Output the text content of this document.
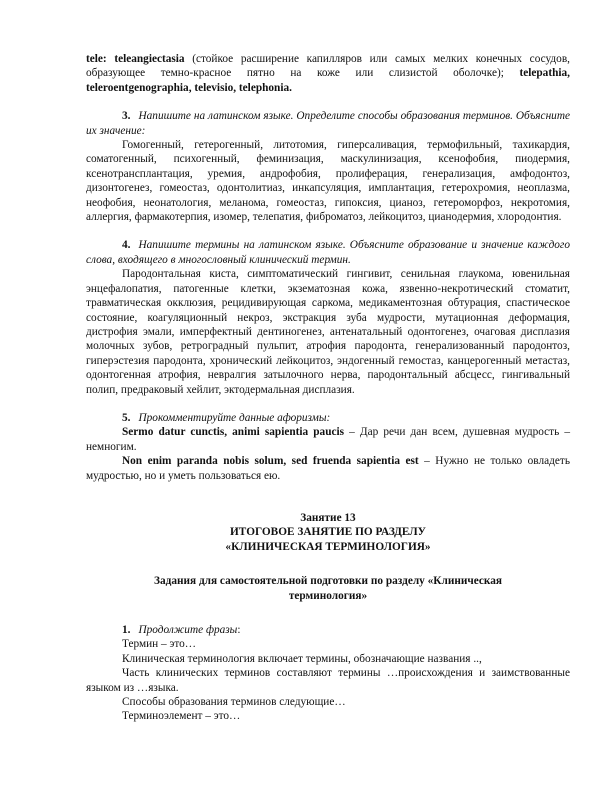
tele: teleangiectasia (стойкое расширение капилляров или самых мелких конечных сосудов, образующее темно-красное пятно на коже или слизистой оболочке); telepathia, teleroentgenographia, televisio, telephonia.

3. Напишите на латинском языке. Определите способы образования терминов. Объясните их значение:

Гомогенный, гетерогенный, литотомия, гиперсаливация, термофильный, тахикардия, соматогенный, психогенный, феминизация, маскулинизация, ксенофобия, пиодермия, ксенотрансплантация, уремия, андрофобия, пролиферация, генерализация, амфодонтоз, дизонтогенез, гомеостаз, одонтолитиаз, инкапсуляция, имплантация, гетерохромия, неоплазма, неофобия, неонатология, меланома, гомеостаз, гипоксия, цианоз, гетероморфоз, некротомия, аллергия, фармакотерпия, изомер, телепатия, фиброматоз, лейкоцитоз, цианодермия, хлородонтия.

4. Напишите термины на латинском языке. Объясните образование и значение каждого слова, входящего в многословный клинический термин.

Пародонтальная киста, симптоматический гингивит, сенильная глаукома, ювенильная энцефалопатия, патогенные клетки, экзематозная кожа, язвенно-некротический стоматит, травматическая окклюзия, рецидивирующая саркома, медикаментозная обтурация, спастическое состояние, коагуляционный некроз, экстракция зуба мудрости, мутационная деформация, дистрофия эмали, имперфектный дентиногенез, антенатальный одонтогенез, очаговая дисплазия молочных зубов, ретроградный пульпит, атрофия пародонта, генерализованный пародонтоз, гиперэстезия пародонта, хронический лейкоцитоз, эндогенный гемостаз, канцерогенный метастаз, одонтогенная атрофия, невралгия затылочного нерва, пародонтальный абсцесс, гингивальный полип, предраковый хейлит, эктодермальная дисплазия.

5. Прокомментируйте данные афоризмы:

Sermo datur cunctis, animi sapientia paucis – Дар речи дан всем, душевная мудрость – немногим.

Non enim paranda nobis solum, sed fruenda sapientia est – Нужно не только овладеть мудростью, но и уметь пользоваться ею.

Занятие 13

ИТОГОВОЕ ЗАНЯТИЕ ПО РАЗДЕЛУ

«КЛИНИЧЕСКАЯ ТЕРМИНОЛОГИЯ»

Задания для самостоятельной подготовки по разделу «Клиническая терминология»

1. Продолжите фразы:

Термин – это…

Клиническая терминология включает термины, обозначающие названия ..,

Часть клинических терминов составляют термины …происхождения и заимствованные языком из …языка.

Способы образования терминов следующие…

Терминоэлемент – это…
